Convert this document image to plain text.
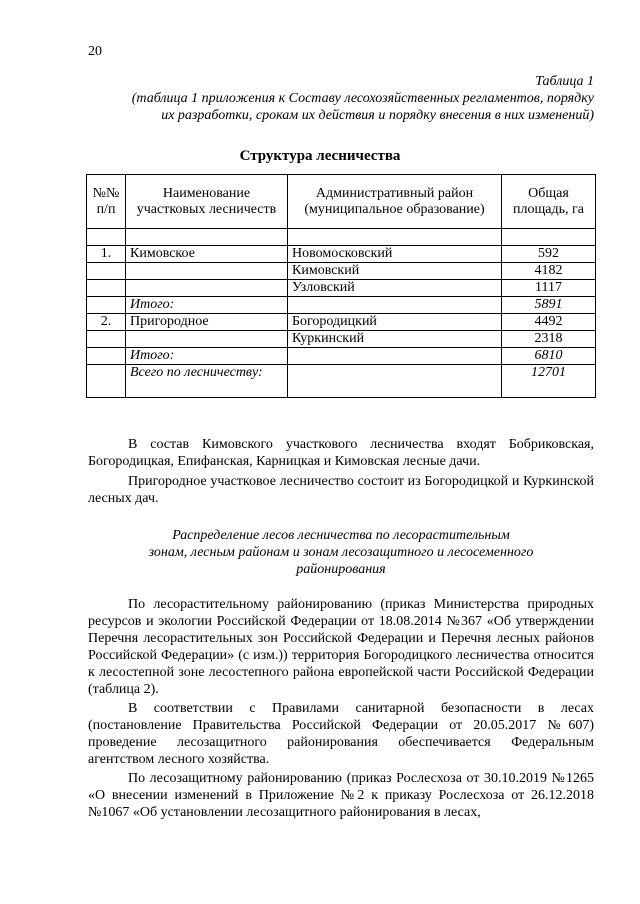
20
Таблица 1
(таблица 1 приложения к Составу лесохозяйственных регламентов, порядку
их разработки, срокам их действия и порядку внесения в них изменений)
Структура лесничества
№№ п/п	Наименование участковых лесничеств	Административный район (муниципальное образование)	Общая площадь, га

1.	Кимовское	Новомосковский	592
		Кимовский	4182
		Узловский	1117
	Итого:		5891
2.	Пригородное	Богородицкий	4492
		Куркинский	2318
	Итого:		6810
	Всего по лесничеству:		12701
В состав Кимовского участкового лесничества входят Бобриковская, Богородицкая, Епифанская, Карницкая и Кимовская лесные дачи.
Пригородное участковое лесничество состоит из Богородицкой и Куркинской лесных дач.
Распределение лесов лесничества по лесорастительным
зонам, лесным районам и зонам лесозащитного и лесосеменного
районирования
По лесорастительному районированию (приказ Министерства природных ресурсов и экологии Российской Федерации от 18.08.2014 №367 «Об утверждении Перечня лесорастительных зон Российской Федерации и Перечня лесных районов Российской Федерации» (с изм.)) территория Богородицкого лесничества относится к лесостепной зоне лесостепного района европейской части Российской Федерации (таблица 2).
В соответствии с Правилами санитарной безопасности в лесах (постановление Правительства Российской Федерации от 20.05.2017 №607) проведение лесозащитного районирования обеспечивается Федеральным агентством лесного хозяйства.
По лесозащитному районированию (приказ Рослесхоза от 30.10.2019 №1265 «О внесении изменений в Приложение №2 к приказу Рослесхоза от 26.12.2018 №1067 «Об установлении лесозащитного районирования в лесах,
